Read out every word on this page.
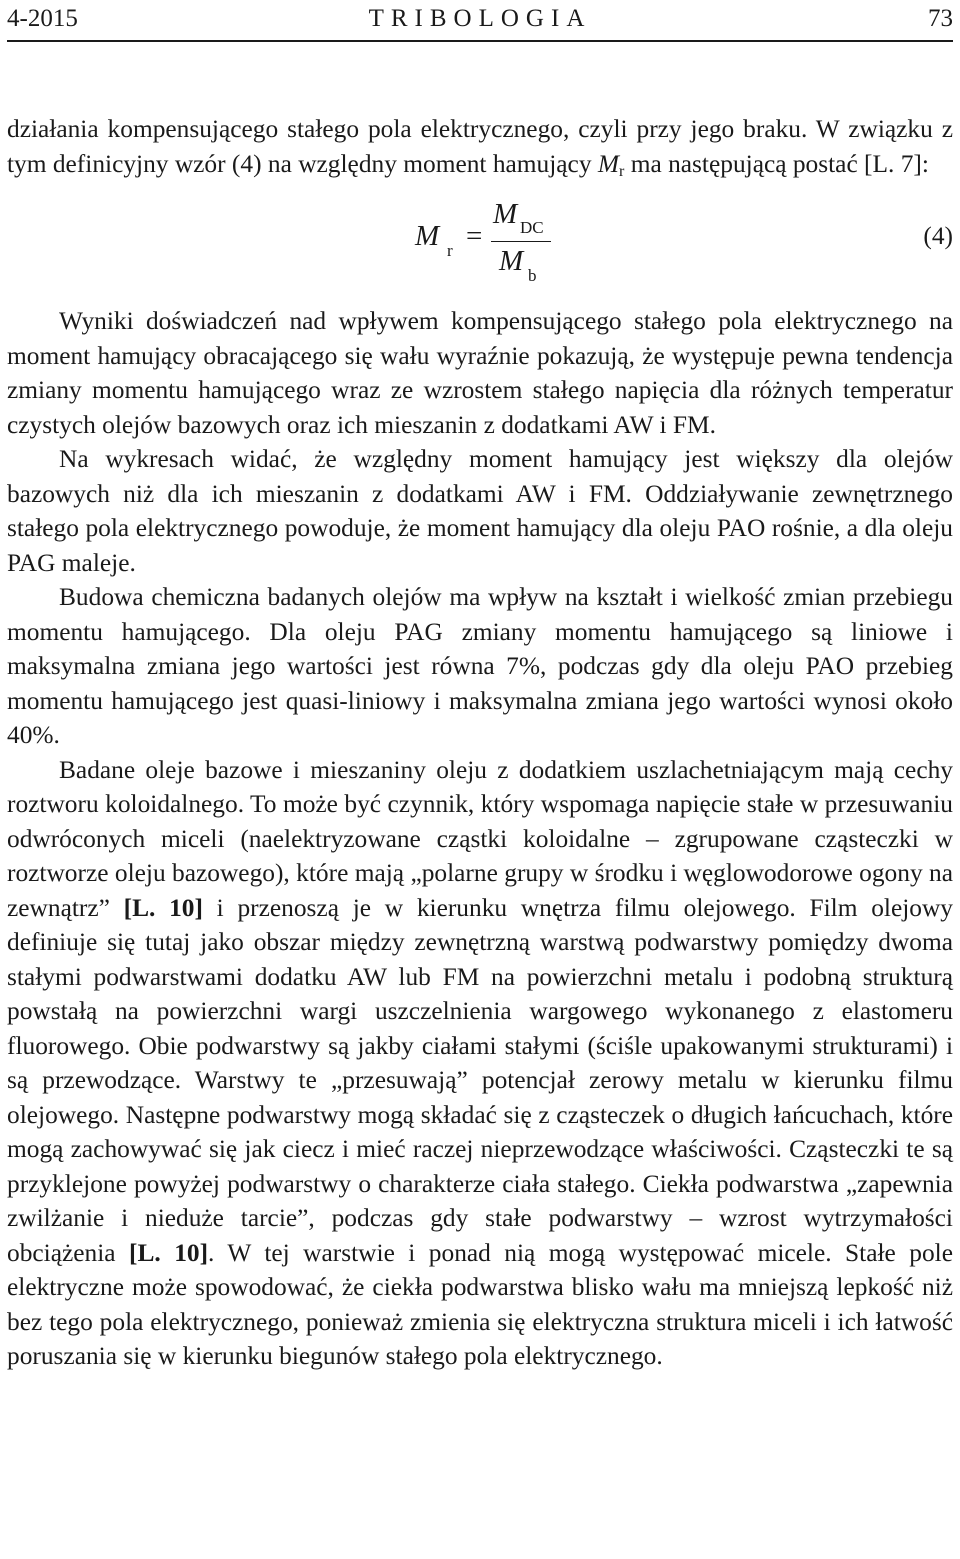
4-2015	TRIBOLOGIA	73

działania kompensującego stałego pola elektrycznego, czyli przy jego braku. W związku z tym definicyjny wzór (4) na względny moment hamujący $M_r$ ma następującą postać [L. 7]:

M r =
M DC
M b
(4)

Wyniki doświadczeń nad wpływem kompensującego stałego pola elektrycznego na moment hamujący obracającego się wału wyraźnie pokazują, że występuje pewna tendencja zmiany momentu hamującego wraz ze wzrostem stałego napięcia dla różnych temperatur czystych olejów bazowych oraz ich mieszanin z dodatkami AW i FM.

Na wykresach widać, że względny moment hamujący jest większy dla olejów bazowych niż dla ich mieszanin z dodatkami AW i FM. Oddziaływanie zewnętrznego stałego pola elektrycznego powoduje, że moment hamujący dla oleju PAO rośnie, a dla oleju PAG maleje.

Budowa chemiczna badanych olejów ma wpływ na kształt i wielkość zmian przebiegu momentu hamującego. Dla oleju PAG zmiany momentu hamującego są liniowe i maksymalna zmiana jego wartości jest równa 7%, podczas gdy dla oleju PAO przebieg momentu hamującego jest quasi-liniowy i maksymalna zmiana jego wartości wynosi około 40%.

Badane oleje bazowe i mieszaniny oleju z dodatkiem uszlachetniającym mają cechy roztworu koloidalnego. To może być czynnik, który wspomaga napięcie stałe w przesuwaniu odwróconych miceli (naelektryzowane cząstki koloidalne – zgrupowane cząsteczki w roztworze oleju bazowego), które mają „polarne grupy w środku i węglowodorowe ogony na zewnątrz” [L. 10] i przenoszą je w kierunku wnętrza filmu olejowego. Film olejowy definiuje się tutaj jako obszar między zewnętrzną warstwą podwarstwy pomiędzy dwoma stałymi podwarstwami dodatku AW lub FM na powierzchni metalu i podobną strukturą powstałą na powierzchni wargi uszczelnienia wargowego wykonanego z elastomeru fluorowego. Obie podwarstwy są jakby ciałami stałymi (ściśle upakowanymi strukturami) i są przewodzące. Warstwy te „przesuwają” potencjał zerowy metalu w kierunku filmu olejowego. Następne podwarstwy mogą składać się z cząsteczek o długich łańcuchach, które mogą zachowywać się jak ciecz i mieć raczej nieprzewodzące właściwości. Cząsteczki te są przyklejone powyżej podwarstwy o charakterze ciała stałego. Ciekła podwarstwa „zapewnia zwilżanie i nieduże tarcie”, podczas gdy stałe podwarstwy – wzrost wytrzymałości obciążenia [L. 10]. W tej warstwie i ponad nią mogą występować micele. Stałe pole elektryczne może spowodować, że ciekła podwarstwa blisko wału ma mniejszą lepkość niż bez tego pola elektrycznego, ponieważ zmienia się elektryczna struktura miceli i ich łatwość poruszania się w kierunku biegunów stałego pola elektrycznego.
